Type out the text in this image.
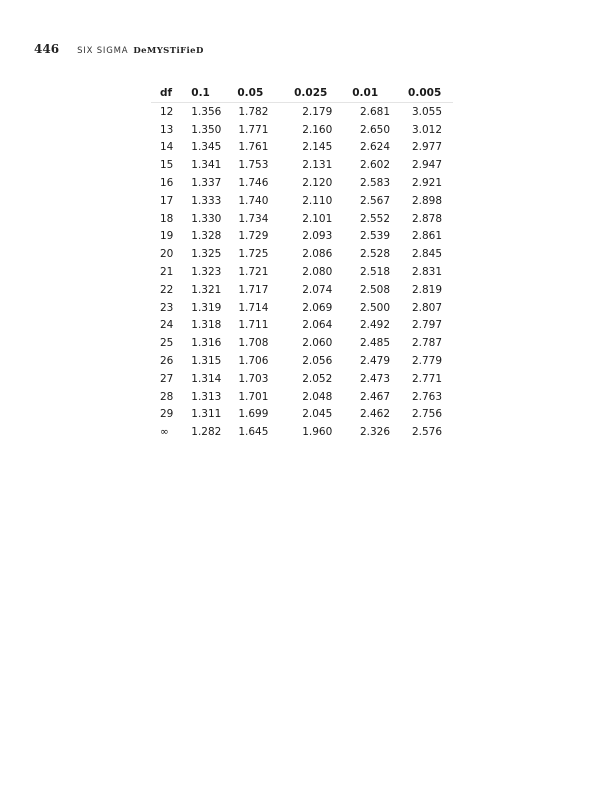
446 SIX SIGMA DeMYSTiFieD
df	0.1	0.05	0.025	0.01	0.005
12	1.356	1.782	2.179	2.681	3.055
13	1.350	1.771	2.160	2.650	3.012
14	1.345	1.761	2.145	2.624	2.977
15	1.341	1.753	2.131	2.602	2.947
16	1.337	1.746	2.120	2.583	2.921
17	1.333	1.740	2.110	2.567	2.898
18	1.330	1.734	2.101	2.552	2.878
19	1.328	1.729	2.093	2.539	2.861
20	1.325	1.725	2.086	2.528	2.845
21	1.323	1.721	2.080	2.518	2.831
22	1.321	1.717	2.074	2.508	2.819
23	1.319	1.714	2.069	2.500	2.807
24	1.318	1.711	2.064	2.492	2.797
25	1.316	1.708	2.060	2.485	2.787
26	1.315	1.706	2.056	2.479	2.779
27	1.314	1.703	2.052	2.473	2.771
28	1.313	1.701	2.048	2.467	2.763
29	1.311	1.699	2.045	2.462	2.756
∞	1.282	1.645	1.960	2.326	2.576
